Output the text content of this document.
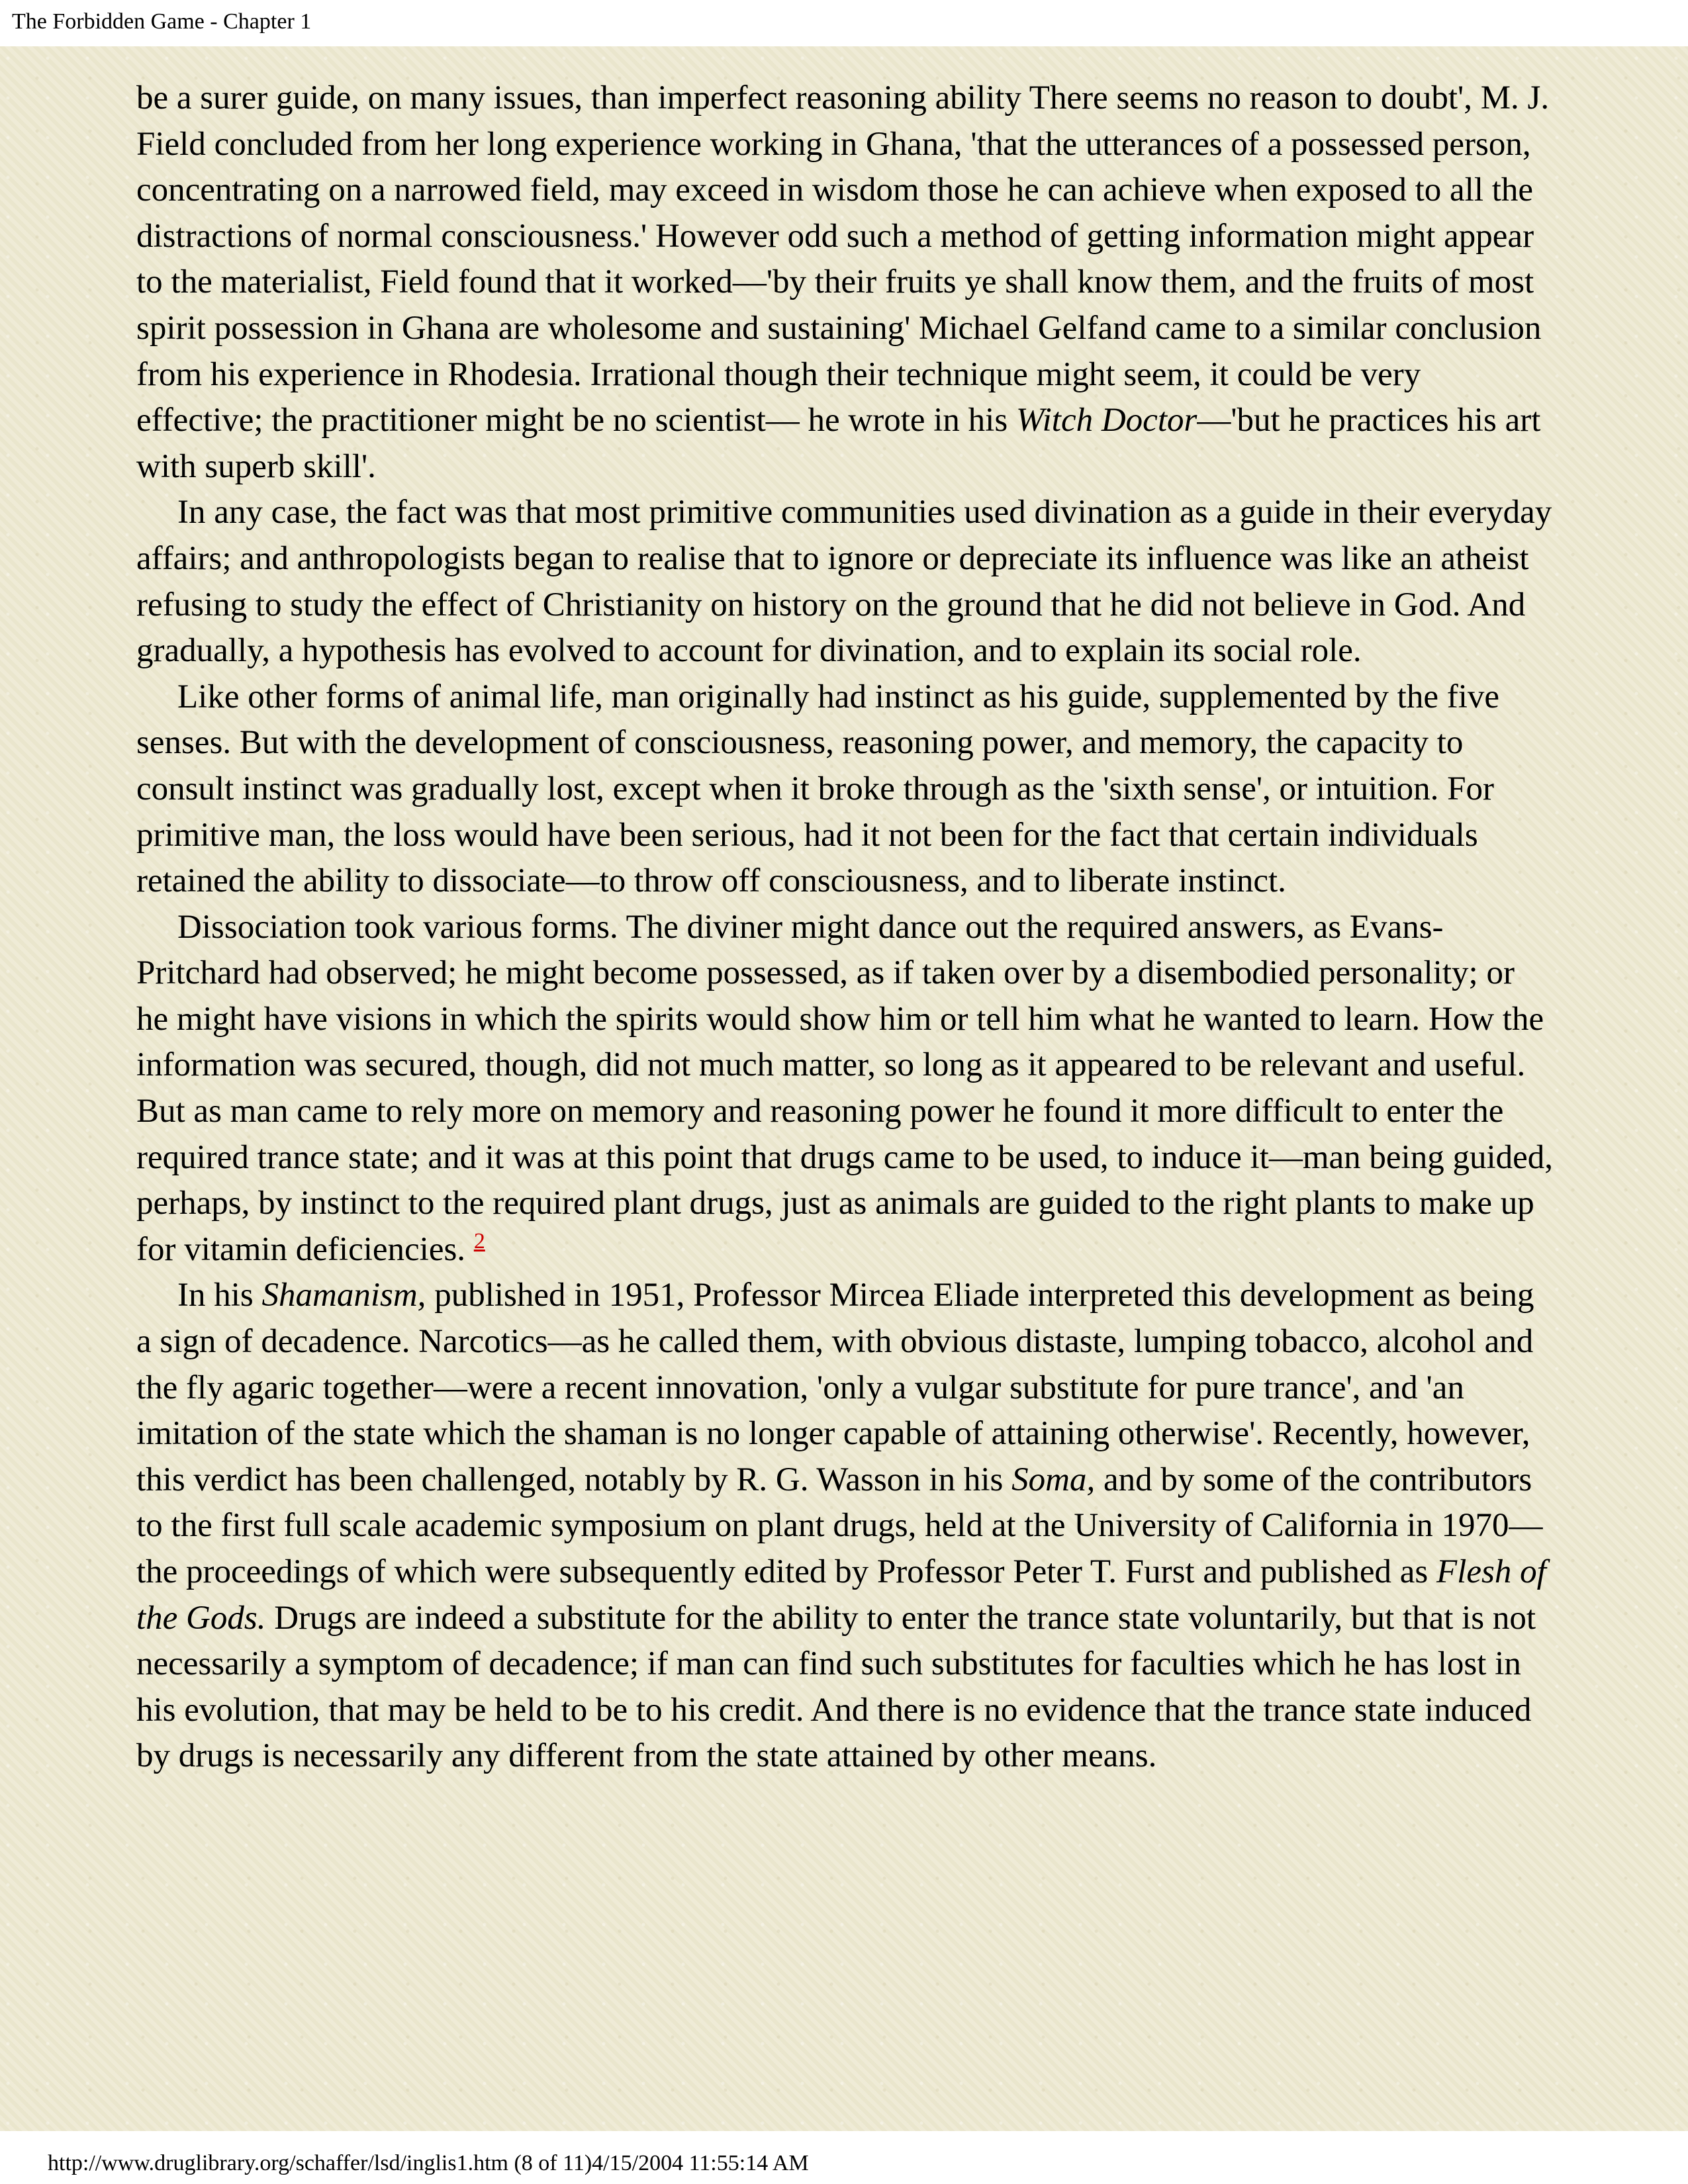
The Forbidden Game - Chapter 1

be a surer guide, on many issues, than imperfect reasoning ability There seems no reason to doubt', M. J. Field concluded from her long experience working in Ghana, 'that the utterances of a possessed person, concentrating on a narrowed field, may exceed in wisdom those he can achieve when exposed to all the distractions of normal consciousness.' However odd such a method of getting information might appear to the materialist, Field found that it worked—'by their fruits ye shall know them, and the fruits of most spirit possession in Ghana are wholesome and sustaining' Michael Gelfand came to a similar conclusion from his experience in Rhodesia. Irrational though their technique might seem, it could be very effective; the practitioner might be no scientist— he wrote in his Witch Doctor—'but he practices his art with superb skill'.

In any case, the fact was that most primitive communities used divination as a guide in their everyday affairs; and anthropologists began to realise that to ignore or depreciate its influence was like an atheist refusing to study the effect of Christianity on history on the ground that he did not believe in God. And gradually, a hypothesis has evolved to account for divination, and to explain its social role.

Like other forms of animal life, man originally had instinct as his guide, supplemented by the five senses. But with the development of consciousness, reasoning power, and memory, the capacity to consult instinct was gradually lost, except when it broke through as the 'sixth sense', or intuition. For primitive man, the loss would have been serious, had it not been for the fact that certain individuals retained the ability to dissociate—to throw off consciousness, and to liberate instinct.

Dissociation took various forms. The diviner might dance out the required answers, as Evans-Pritchard had observed; he might become possessed, as if taken over by a disembodied personality; or he might have visions in which the spirits would show him or tell him what he wanted to learn. How the information was secured, though, did not much matter, so long as it appeared to be relevant and useful. But as man came to rely more on memory and reasoning power he found it more difficult to enter the required trance state; and it was at this point that drugs came to be used, to induce it—man being guided, perhaps, by instinct to the required plant drugs, just as animals are guided to the right plants to make up for vitamin deficiencies. $^2$

In his Shamanism, published in 1951, Professor Mircea Eliade interpreted this development as being a sign of decadence. Narcotics—as he called them, with obvious distaste, lumping tobacco, alcohol and the fly agaric together—were a recent innovation, 'only a vulgar substitute for pure trance', and 'an imitation of the state which the shaman is no longer capable of attaining otherwise'. Recently, however, this verdict has been challenged, notably by R. G. Wasson in his Soma, and by some of the contributors to the first full scale academic symposium on plant drugs, held at the University of California in 1970—the proceedings of which were subsequently edited by Professor Peter T. Furst and published as Flesh of the Gods. Drugs are indeed a substitute for the ability to enter the trance state voluntarily, but that is not necessarily a symptom of decadence; if man can find such substitutes for faculties which he has lost in his evolution, that may be held to be to his credit. And there is no evidence that the trance state induced by drugs is necessarily any different from the state attained by other means.

http://www.druglibrary.org/schaffer/lsd/inglis1.htm (8 of 11)4/15/2004 11:55:14 AM
